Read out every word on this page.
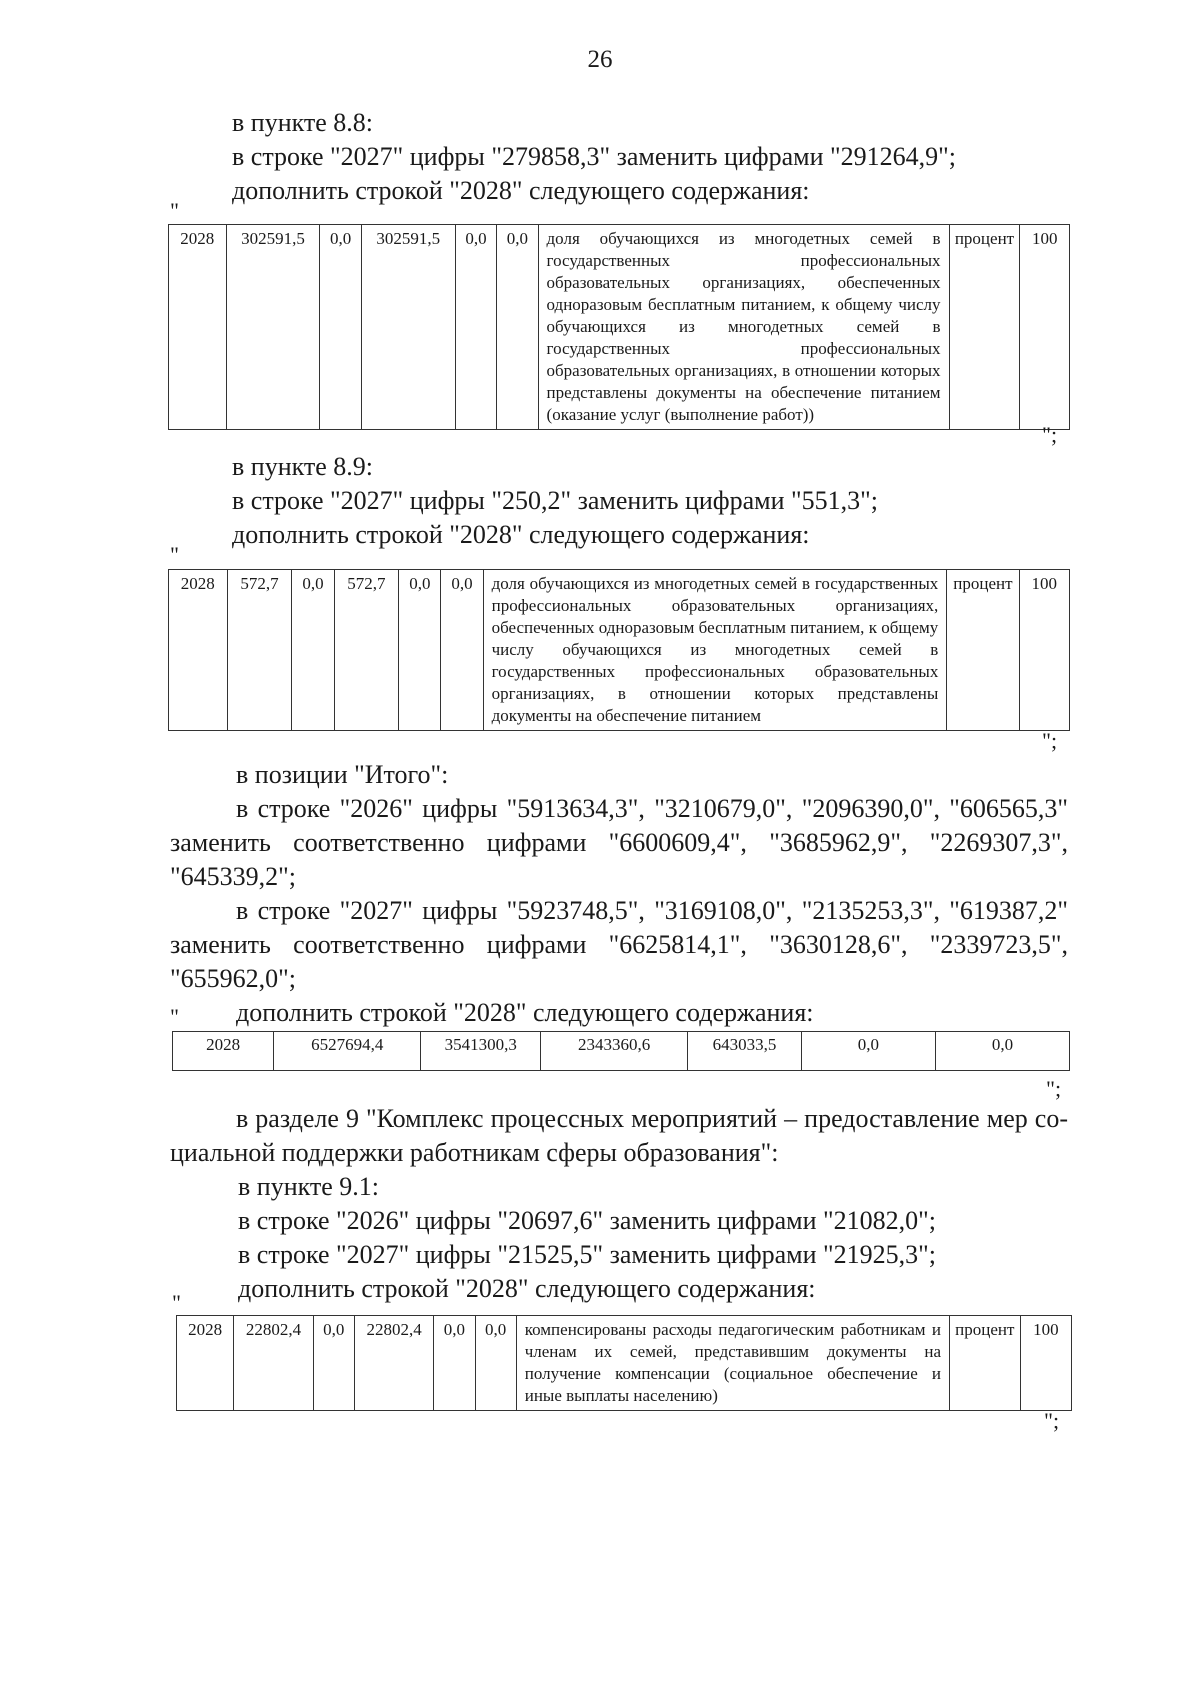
26
в пункте 8.8:
в строке "2027" цифры "279858,3" заменить цифрами "291264,9";
дополнить строкой "2028" следующего содержания:
"
2028	302591,5	0,0	302591,5	0,0	0,0	доля обучающихся из многодетных семей в государственных профессиональных образовательных организациях, обеспеченных одноразовым бесплатным питанием, к общему числу обучающихся из многодетных семей в государственных профессиональных образовательных организациях, в отношении которых представлены документы на обеспечение питанием (оказание услуг (выполнение работ))	процент	100
";
в пункте 8.9:
в строке "2027" цифры "250,2" заменить цифрами "551,3";
дополнить строкой "2028" следующего содержания:
"
2028	572,7	0,0	572,7	0,0	0,0	доля обучающихся из многодетных семей в государственных профессиональных образовательных организациях, обеспеченных одноразовым бесплатным питанием, к общему числу обучающихся из многодетных семей в государственных профессиональных образовательных организациях, в отношении которых представлены документы на обеспечение питанием	процент	100
";
в позиции "Итого":
в строке "2026" цифры "5913634,3", "3210679,0", "2096390,0", "606565,3"
заменить соответственно цифрами "6600609,4", "3685962,9", "2269307,3",
"645339,2";
в строке "2027" цифры "5923748,5", "3169108,0", "2135253,3", "619387,2"
заменить соответственно цифрами "6625814,1", "3630128,6", "2339723,5",
"655962,0";
дополнить строкой "2028" следующего содержания:
"
2028	6527694,4	3541300,3	2343360,6	643033,5	0,0	0,0
";
в разделе 9 "Комплекс процессных мероприятий – предоставление мер со-
циальной поддержки работникам сферы образования":
в пункте 9.1:
в строке "2026" цифры "20697,6" заменить цифрами "21082,0";
в строке "2027" цифры "21525,5" заменить цифрами "21925,3";
дополнить строкой "2028" следующего содержания:
"
2028	22802,4	0,0	22802,4	0,0	0,0	компенсированы расходы педагогическим работникам и членам их семей, представившим документы на получение компенсации (социальное обеспечение и иные выплаты населению)	процент	100
";
